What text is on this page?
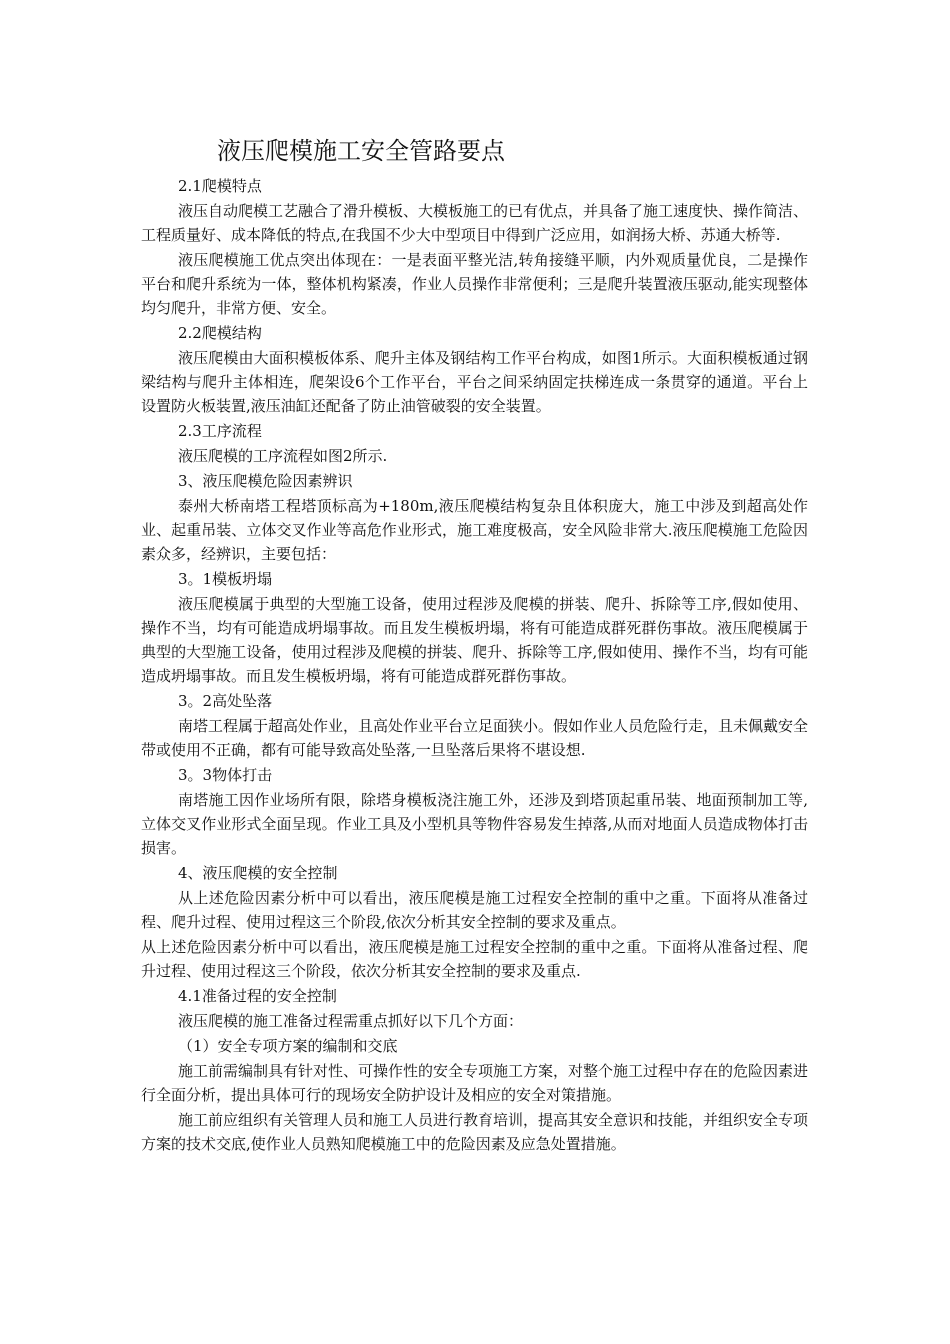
液压爬模施工安全管路要点

2.1爬模特点

液压自动爬模工艺融合了滑升模板、大模板施工的已有优点，并具备了施工速度快、操作简洁、工程质量好、成本降低的特点,在我国不少大中型项目中得到广泛应用，如润扬大桥、苏通大桥等.

液压爬模施工优点突出体现在：一是表面平整光洁,转角接缝平顺，内外观质量优良，二是操作平台和爬升系统为一体，整体机构紧凑，作业人员操作非常便利；三是爬升装置液压驱动,能实现整体均匀爬升，非常方便、安全。

2.2爬模结构

液压爬模由大面积模板体系、爬升主体及钢结构工作平台构成，如图1所示。大面积模板通过钢梁结构与爬升主体相连，爬架设6个工作平台，平台之间采纳固定扶梯连成一条贯穿的通道。平台上设置防火板装置,液压油缸还配备了防止油管破裂的安全装置。

2.3工序流程

液压爬模的工序流程如图2所示.

3、液压爬模危险因素辨识

泰州大桥南塔工程塔顶标高为+180m,液压爬模结构复杂且体积庞大，施工中涉及到超高处作业、起重吊装、立体交叉作业等高危作业形式，施工难度极高，安全风险非常大.液压爬模施工危险因素众多，经辨识，主要包括：

3。1模板坍塌

液压爬模属于典型的大型施工设备，使用过程涉及爬模的拼装、爬升、拆除等工序,假如使用、操作不当，均有可能造成坍塌事故。而且发生模板坍塌，将有可能造成群死群伤事故。液压爬模属于典型的大型施工设备，使用过程涉及爬模的拼装、爬升、拆除等工序,假如使用、操作不当，均有可能造成坍塌事故。而且发生模板坍塌，将有可能造成群死群伤事故。

3。2高处坠落

南塔工程属于超高处作业，且高处作业平台立足面狭小。假如作业人员危险行走，且未佩戴安全带或使用不正确，都有可能导致高处坠落,一旦坠落后果将不堪设想.

3。3物体打击

南塔施工因作业场所有限，除塔身模板浇注施工外，还涉及到塔顶起重吊装、地面预制加工等,立体交叉作业形式全面呈现。作业工具及小型机具等物件容易发生掉落,从而对地面人员造成物体打击损害。

4、液压爬模的安全控制

从上述危险因素分析中可以看出，液压爬模是施工过程安全控制的重中之重。下面将从准备过程、爬升过程、使用过程这三个阶段,依次分析其安全控制的要求及重点。

从上述危险因素分析中可以看出，液压爬模是施工过程安全控制的重中之重。下面将从准备过程、爬升过程、使用过程这三个阶段，依次分析其安全控制的要求及重点.

4.1准备过程的安全控制

液压爬模的施工准备过程需重点抓好以下几个方面：

（1）安全专项方案的编制和交底

施工前需编制具有针对性、可操作性的安全专项施工方案，对整个施工过程中存在的危险因素进行全面分析，提出具体可行的现场安全防护设计及相应的安全对策措施。

施工前应组织有关管理人员和施工人员进行教育培训，提高其安全意识和技能，并组织安全专项方案的技术交底,使作业人员熟知爬模施工中的危险因素及应急处置措施。
